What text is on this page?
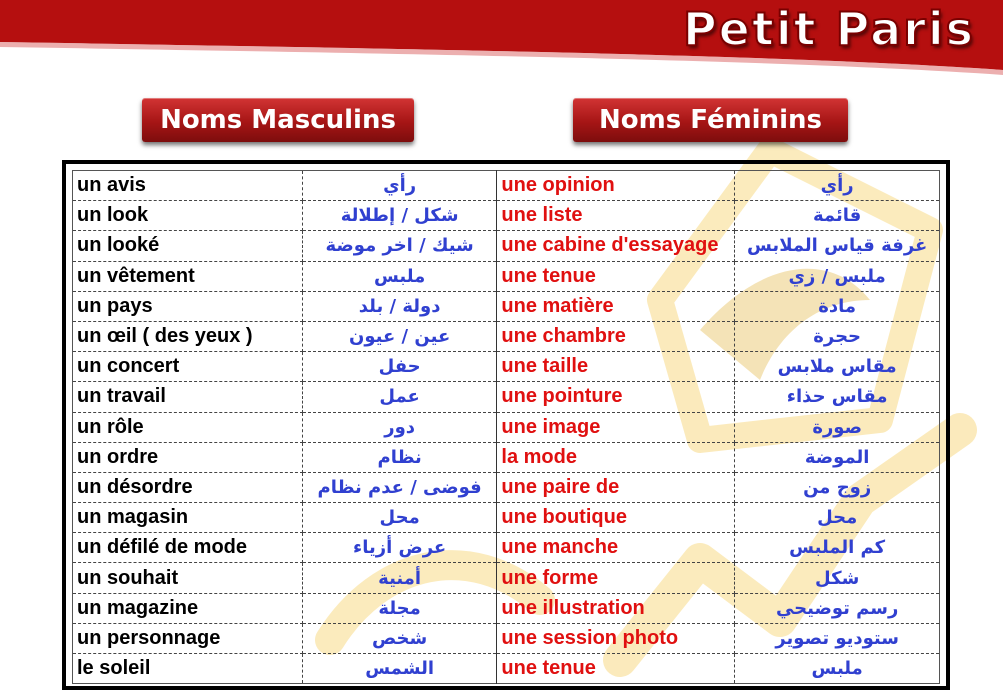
Petit Paris
Noms Masculins	Noms Féminins
un avis	رأي	une opinion	رأي
un look	شكل / إطلالة	une liste	قائمة
un looké	شيك / اخر موضة	une cabine d'essayage	غرفة قياس الملابس
un vêtement	ملبس	une tenue	ملبس / زي
un pays	دولة / بلد	une matière	مادة
un œil ( des yeux )	عين / عيون	une chambre	حجرة
un concert	حفل	une taille	مقاس ملابس
un travail	عمل	une pointure	مقاس حذاء
un rôle	دور	une image	صورة
un ordre	نظام	la mode	الموضة
un désordre	فوضى / عدم نظام	une paire de	زوج من
un magasin	محل	une boutique	محل
un défilé de mode	عرض أزياء	une manche	كم الملبس
un souhait	أمنية	une forme	شكل
un magazine	مجلة	une illustration	رسم توضيحي
un personnage	شخص	une session photo	ستوديو تصوير
le soleil	الشمس	une tenue	ملبس
